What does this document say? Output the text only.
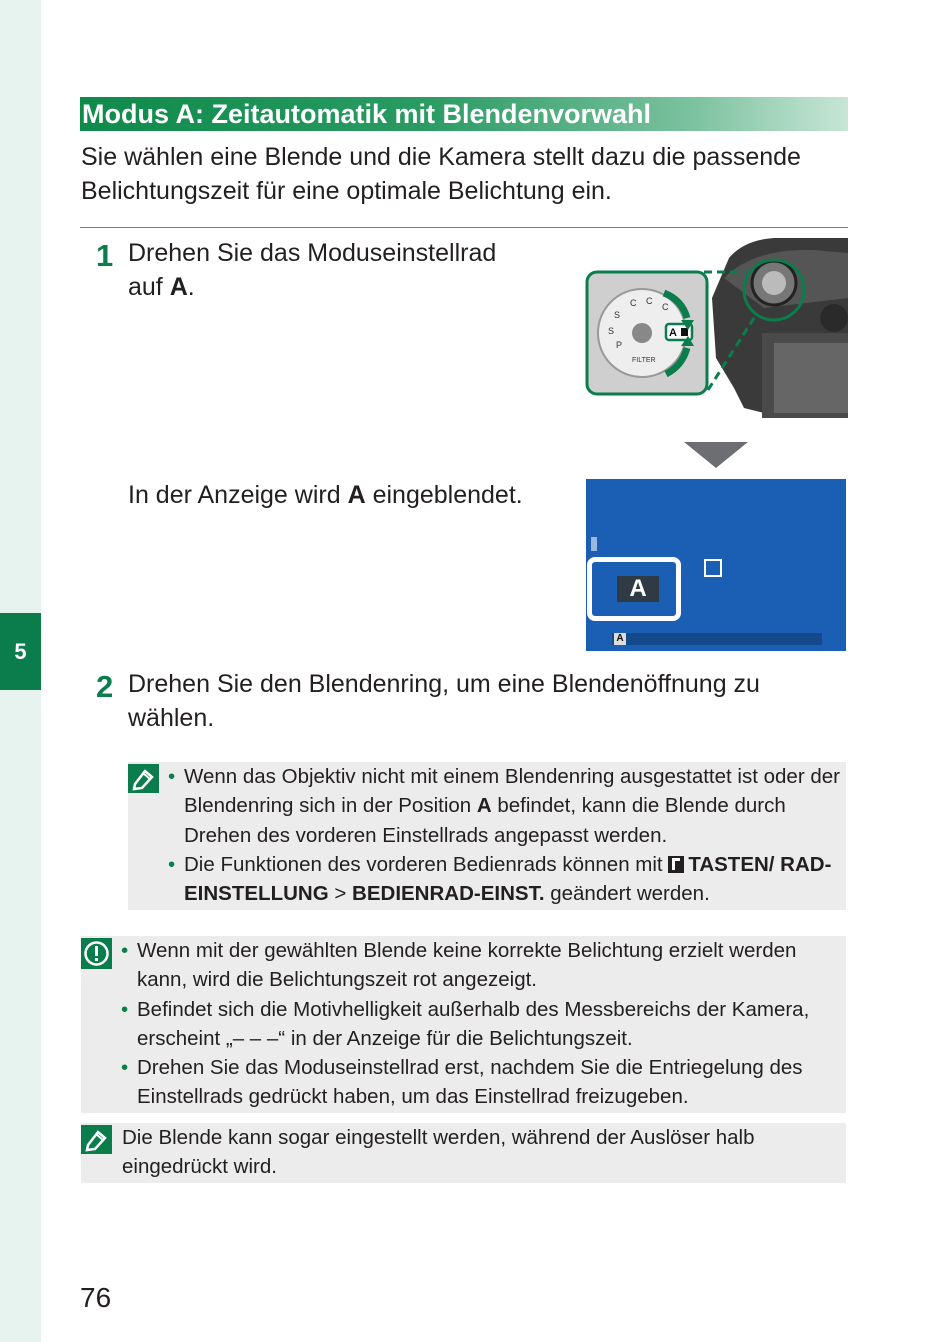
5
Modus A: Zeitautomatik mit Blendenvorwahl
Sie wählen eine Blende und die Kamera stellt dazu die passende Belichtungszeit für eine optimale Belichtung ein.
1 Drehen Sie das Moduseinstellrad
auf A.
S
C C
C
FILTER
P
S	A
In der Anzeige wird A eingeblendet.
A
A
2 Drehen Sie den Blendenring, um eine Blendenöffnung zu wählen.
• Wenn das Objektiv nicht mit einem Blendenring ausgestattet ist oder der Blendenring sich in der Position A befindet, kann die Blende durch Drehen des vorderen Einstellrads angepasst werden.
• Die Funktionen des vorderen Bedienrads können mit
TASTEN/ RAD-EINSTELLUNG > BEDIENRAD-EINST. geändert werden.
• Wenn mit der gewählten Blende keine korrekte Belichtung erzielt werden kann, wird die Belichtungszeit rot angezeigt.
• Befindet sich die Motivhelligkeit außerhalb des Messbereichs der Kamera, erscheint „– – –“ in der Anzeige für die Belichtungszeit.
• Drehen Sie das Moduseinstellrad erst, nachdem Sie die Entriegelung des Einstellrads gedrückt haben, um das Einstellrad freizugeben.
Die Blende kann sogar eingestellt werden, während der Auslöser halb eingedrückt wird.
76
